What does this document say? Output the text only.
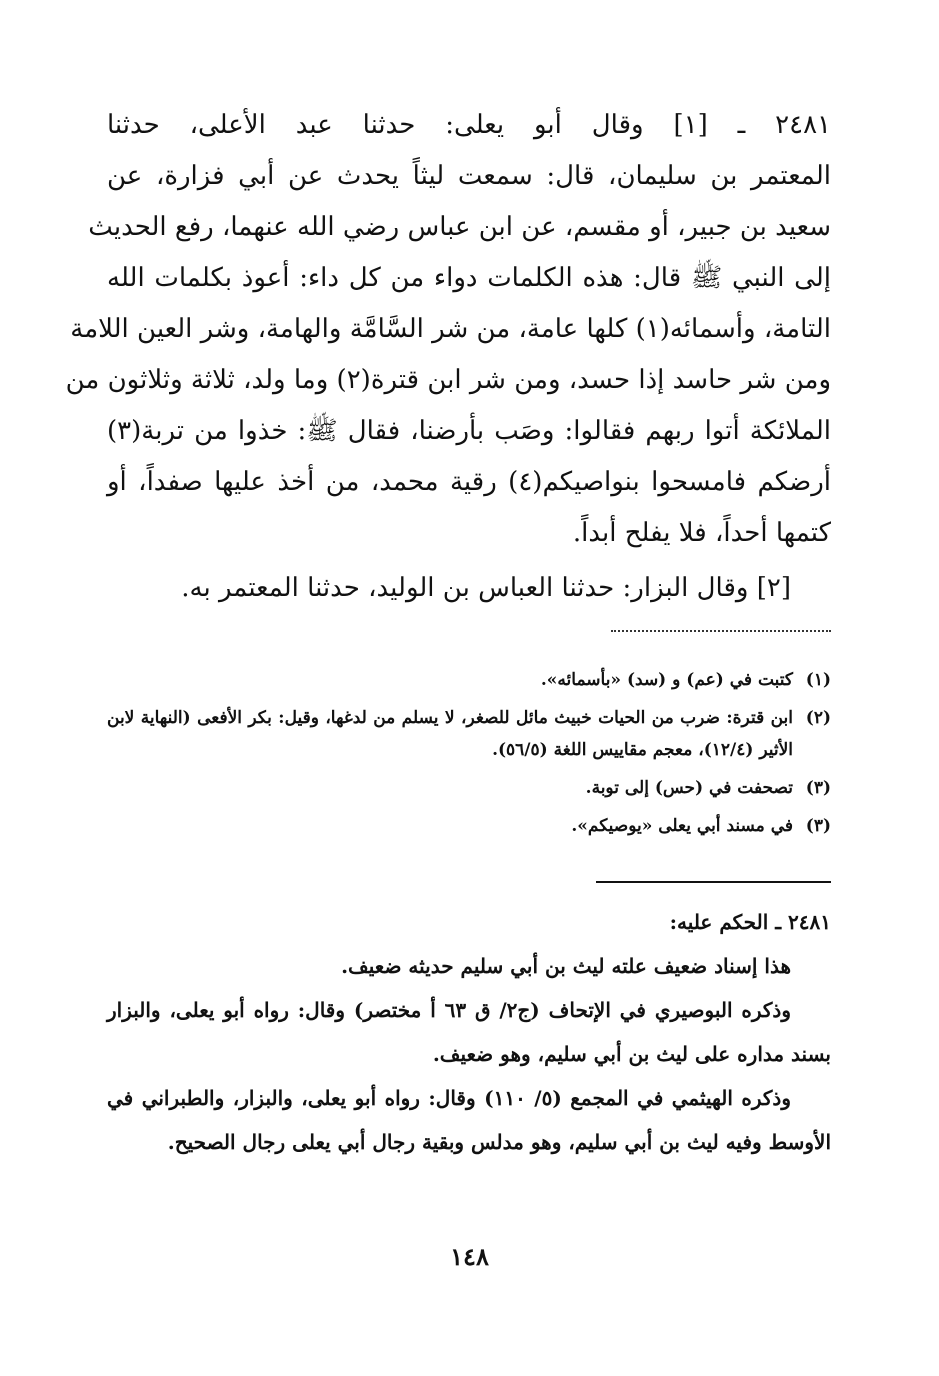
٢٤٨١ ـ [١] وقال أبو يعلى: حدثنا عبد الأعلى، حدثنا
المعتمر بن سليمان، قال: سمعت ليثاً يحدث عن أبي فزارة، عن
سعيد بن جبير، أو مقسم، عن ابن عباس رضي الله عنهما، رفع الحديث
إلى النبي ﷺ قال: هذه الكلمات دواء من كل داء: أعوذ بكلمات الله
التامة، وأسمائه(١) كلها عامة، من شر السَّامَّة والهامة، وشر العين اللامة
ومن شر حاسد إذا حسد، ومن شر ابن قترة(٢) وما ولد، ثلاثة وثلاثون من
الملائكة أتوا ربهم فقالوا: وصَب بأرضنا، فقال ﷺ: خذوا من تربة(٣)
أرضكم فامسحوا بنواصيكم(٤) رقية محمد، من أخذ عليها صفداً، أو
كتمها أحداً، فلا يفلح أبداً.

[٢] وقال البزار: حدثنا العباس بن الوليد، حدثنا المعتمر به.
(١)
كتبت في (عم) و (سد) «بأسمائه».
(٢)
ابن قترة: ضرب من الحيات خبيث مائل للصغر، لا يسلم من لدغها، وقيل: بكر الأفعى (النهاية لابن الأثير (١٢/٤)، معجم مقاييس اللغة (٥٦/٥).
(٣)
تصحفت في (حس) إلى توبة.
(٣)
في مسند أبي يعلى «يوصيكم».

٢٤٨١ ـ الحكم عليه:

هذا إسناد ضعيف علته ليث بن أبي سليم حديثه ضعيف.

وذكره البوصيري في الإتحاف (ج٢/ ق ٦٣ أ مختصر) وقال: رواه أبو يعلى، والبزار بسند مداره على ليث بن أبي سليم، وهو ضعيف.

وذكره الهيثمي في المجمع (٥/ ١١٠) وقال: رواه أبو يعلى، والبزار، والطبراني في الأوسط وفيه ليث بن أبي سليم، وهو مدلس وبقية رجال أبي يعلى رجال الصحيح.

١٤٨
